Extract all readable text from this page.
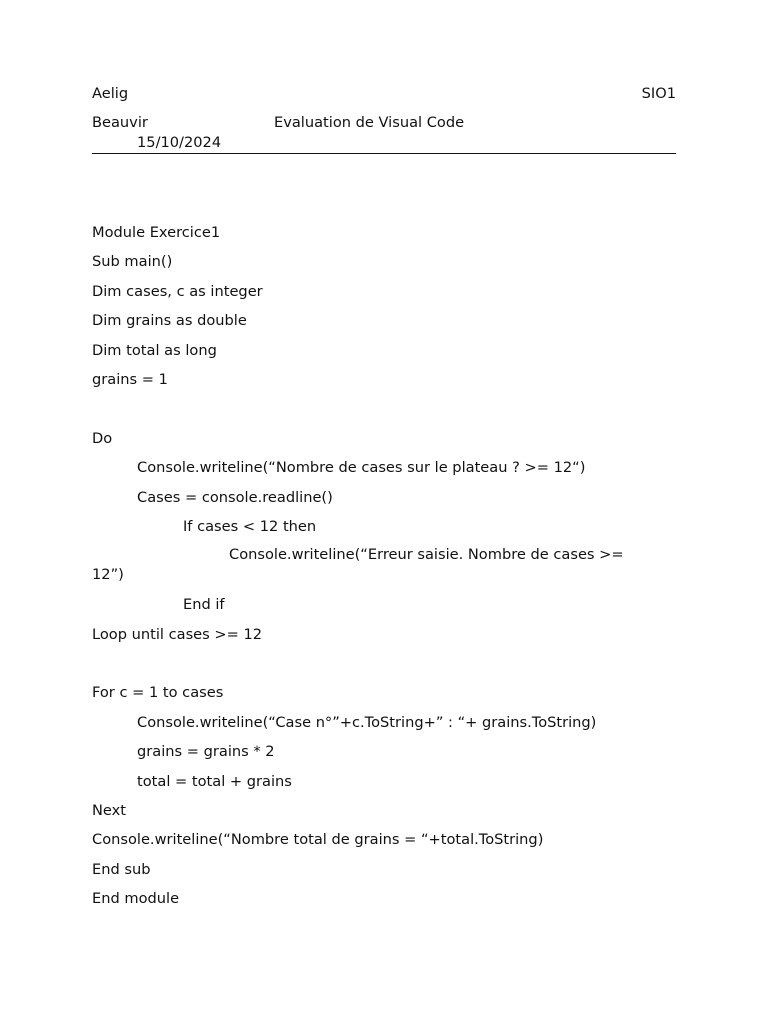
Aelig	SIO1
Beauvir	Evaluation de Visual Code
15/10/2024
Module Exercice1
Sub main()
Dim cases, c as integer
Dim grains as double
Dim total as long
grains = 1
Do
Console.writeline(“Nombre de cases sur le plateau ? >= 12“)
Cases = console.readline()
If cases < 12 then
Console.writeline(“Erreur saisie. Nombre de cases >=
12”)
End if
Loop until cases >= 12
For c = 1 to cases
Console.writeline(“Case n°”+c.ToString+” : “+ grains.ToString)
grains = grains * 2
total = total + grains
Next
Console.writeline(“Nombre total de grains = “+total.ToString)
End sub
End module
